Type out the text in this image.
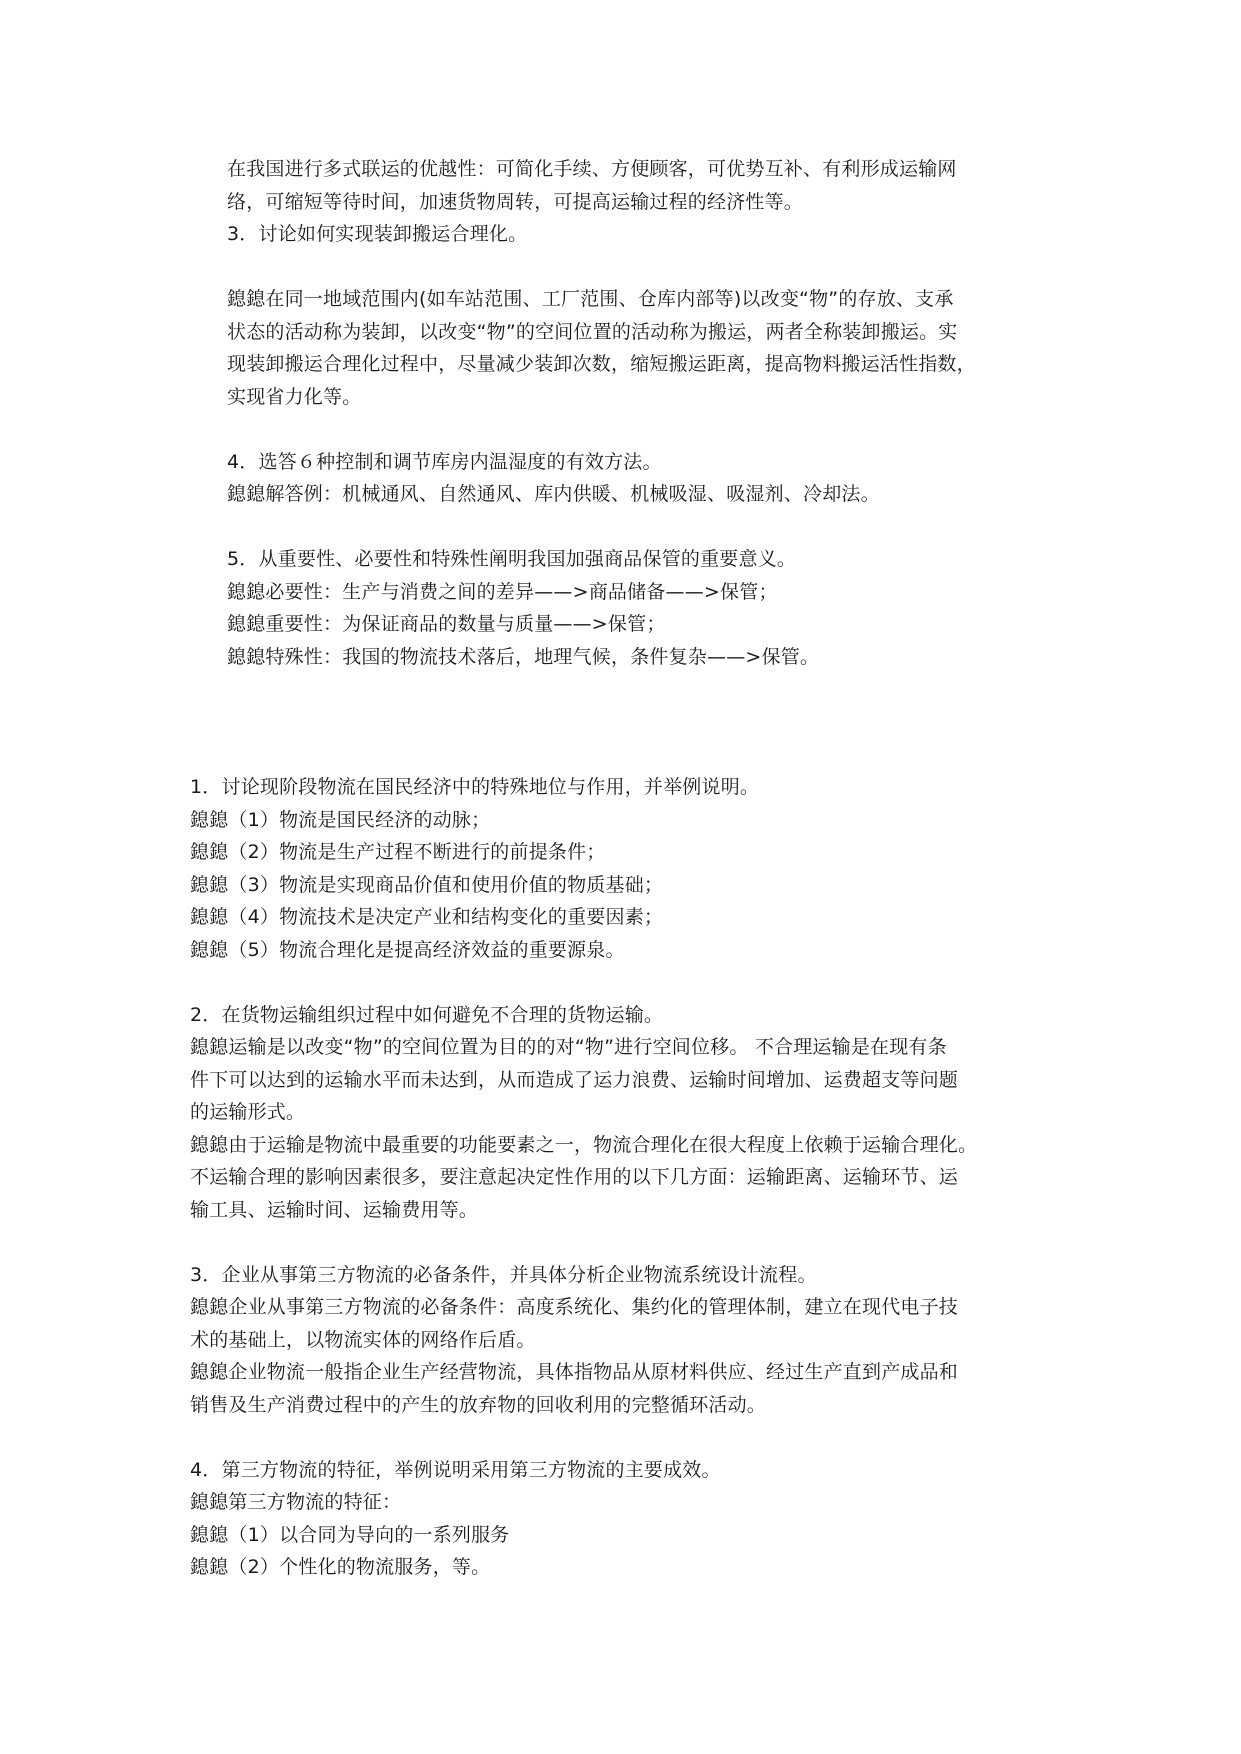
在我国进行多式联运的优越性：可简化手续、方便顾客，可优势互补、有利形成运输网
络，可缩短等待时间，加速货物周转，可提高运输过程的经济性等。
3．讨论如何实现装卸搬运合理化。
鎴鎴在同一地域范围内(如车站范围、工厂范围、仓库内部等)以改变“物”的存放、支承
状态的活动称为装卸，以改变“物”的空间位置的活动称为搬运，两者全称装卸搬运。实
现装卸搬运合理化过程中，尽量减少装卸次数，缩短搬运距离，提高物料搬运活性指数，
实现省力化等。
4．选答６种控制和调节库房内温湿度的有效方法。
鎴鎴解答例：机械通风、自然通风、库内供暖、机械吸湿、吸湿剂、冷却法。
5．从重要性、必要性和特殊性阐明我国加强商品保管的重要意义。
鎴鎴必要性：生产与消费之间的差异——>商品储备——>保管；
鎴鎴重要性：为保证商品的数量与质量——>保管；
鎴鎴特殊性：我国的物流技术落后，地理气候，条件复杂——>保管。
1．讨论现阶段物流在国民经济中的特殊地位与作用，并举例说明。
鎴鎴（1）物流是国民经济的动脉；
鎴鎴（2）物流是生产过程不断进行的前提条件；
鎴鎴（3）物流是实现商品价值和使用价值的物质基础；
鎴鎴（4）物流技术是决定产业和结构变化的重要因素；
鎴鎴（5）物流合理化是提高经济效益的重要源泉。
2．在货物运输组织过程中如何避免不合理的货物运输。
鎴鎴运输是以改变“物”的空间位置为目的的对“物”进行空间位移。 不合理运输是在现有条
件下可以达到的运输水平而未达到，从而造成了运力浪费、运输时间增加、运费超支等问题
的运输形式。
鎴鎴由于运输是物流中最重要的功能要素之一，物流合理化在很大程度上依赖于运输合理化。
不运输合理的影响因素很多，要注意起决定性作用的以下几方面：运输距离、运输环节、运
输工具、运输时间、运输费用等。
3．企业从事第三方物流的必备条件，并具体分析企业物流系统设计流程。
鎴鎴企业从事第三方物流的必备条件：高度系统化、集约化的管理体制，建立在现代电子技
术的基础上，以物流实体的网络作后盾。
鎴鎴企业物流一般指企业生产经营物流，具体指物品从原材料供应、经过生产直到产成品和
销售及生产消费过程中的产生的放弃物的回收利用的完整循环活动。
4．第三方物流的特征，举例说明采用第三方物流的主要成效。
鎴鎴第三方物流的特征：
鎴鎴（1）以合同为导向的一系列服务
鎴鎴（2）个性化的物流服务，等。
